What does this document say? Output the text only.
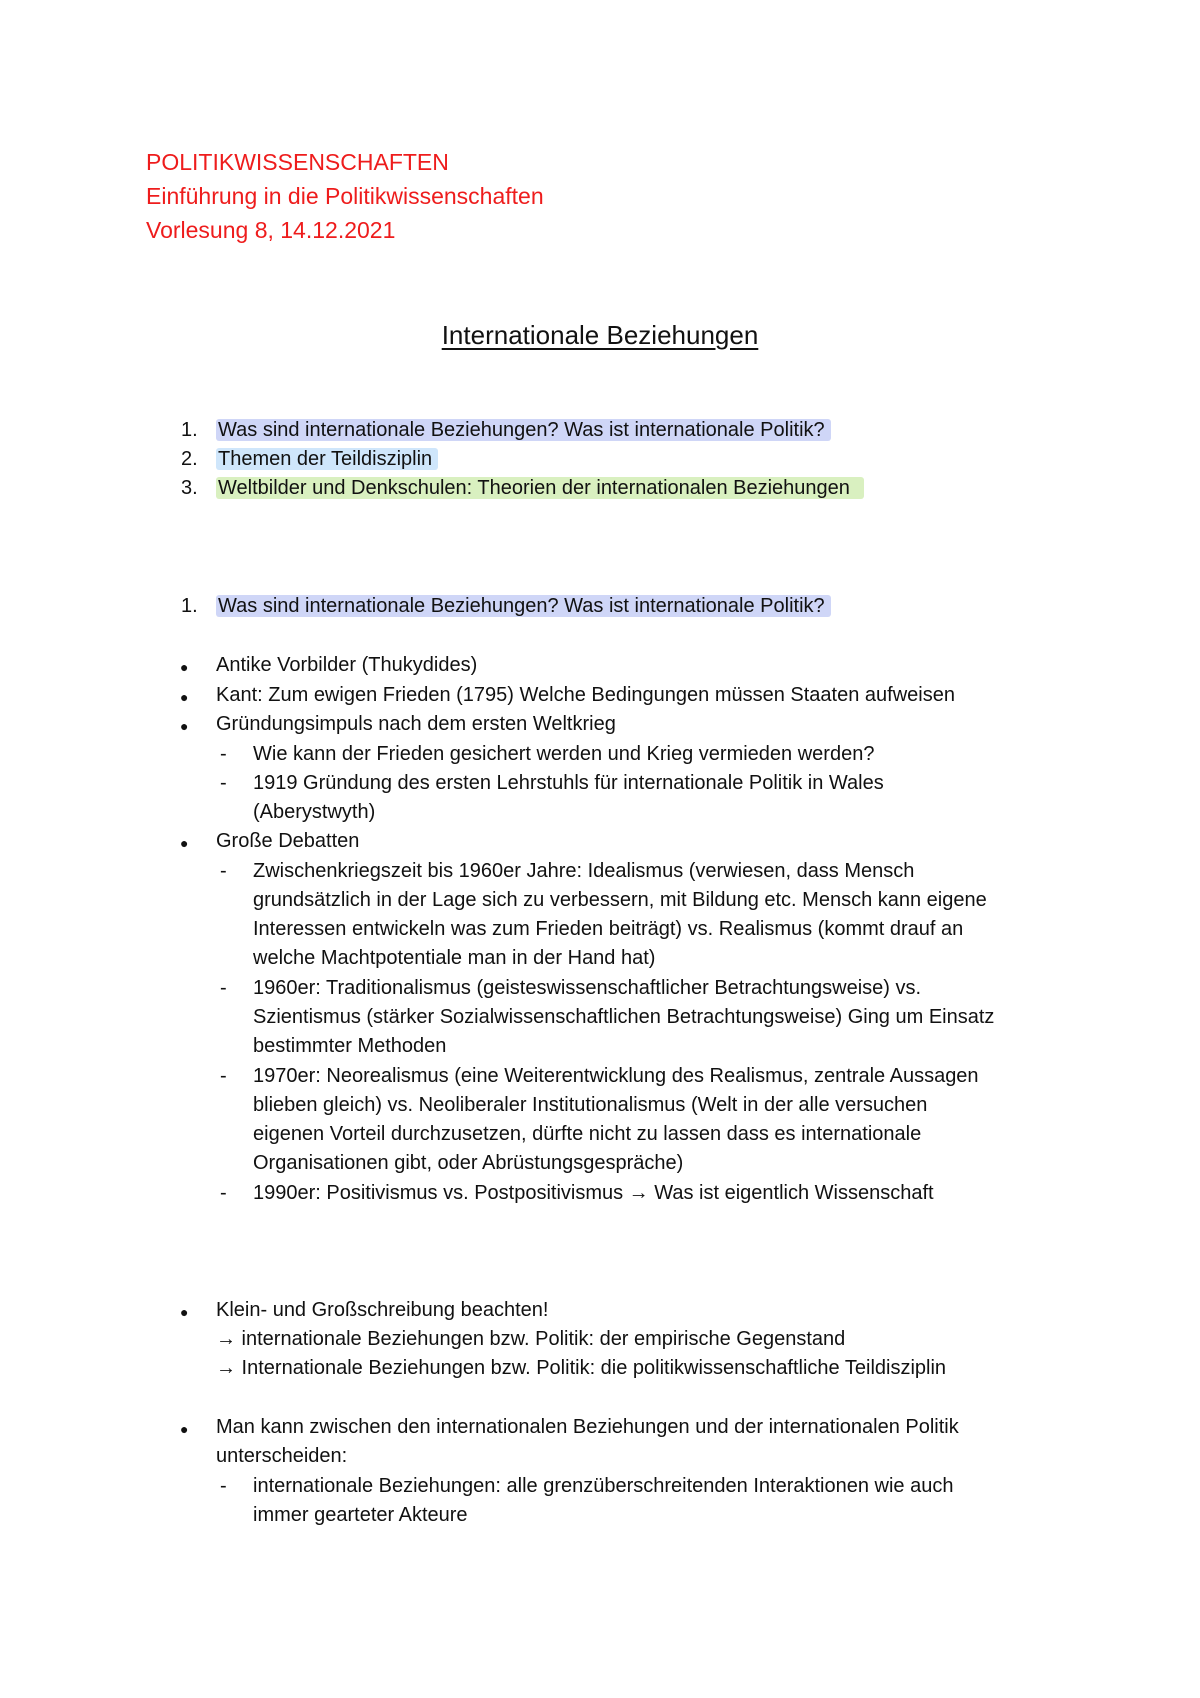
POLITIKWISSENSCHAFTEN
Einführung in die Politikwissenschaften
Vorlesung 8, 14.12.2021
Internationale Beziehungen
1. Was sind internationale Beziehungen? Was ist internationale Politik?
2. Themen der Teildisziplin
3. Weltbilder und Denkschulen: Theorien der internationalen Beziehungen
1. Was sind internationale Beziehungen? Was ist internationale Politik?
● Antike Vorbilder (Thukydides)
● Kant: Zum ewigen Frieden (1795) Welche Bedingungen müssen Staaten aufweisen
● Gründungsimpuls nach dem ersten Weltkrieg
- Wie kann der Frieden gesichert werden und Krieg vermieden werden?
- 1919 Gründung des ersten Lehrstuhls für internationale Politik in Wales
(Aberystwyth)
● Große Debatten
- Zwischenkriegszeit bis 1960er Jahre: Idealismus (verwiesen, dass Mensch
grundsätzlich in der Lage sich zu verbessern, mit Bildung etc. Mensch kann eigene
Interessen entwickeln was zum Frieden beiträgt) vs. Realismus (kommt drauf an
welche Machtpotentiale man in der Hand hat)
- 1960er: Traditionalismus (geisteswissenschaftlicher Betrachtungsweise) vs.
Szientismus (stärker Sozialwissenschaftlichen Betrachtungsweise) Ging um Einsatz
bestimmter Methoden
- 1970er: Neorealismus (eine Weiterentwicklung des Realismus, zentrale Aussagen
blieben gleich) vs. Neoliberaler Institutionalismus (Welt in der alle versuchen
eigenen Vorteil durchzusetzen, dürfte nicht zu lassen dass es internationale
Organisationen gibt, oder Abrüstungsgespräche)
- 1990er: Positivismus vs. Postpositivismus → Was ist eigentlich Wissenschaft
● Klein- und Großschreibung beachten!
→ internationale Beziehungen bzw. Politik: der empirische Gegenstand
→ Internationale Beziehungen bzw. Politik: die politikwissenschaftliche Teildisziplin
● Man kann zwischen den internationalen Beziehungen und der internationalen Politik
unterscheiden:
- internationale Beziehungen: alle grenzüberschreitenden Interaktionen wie auch
immer gearteter Akteure
